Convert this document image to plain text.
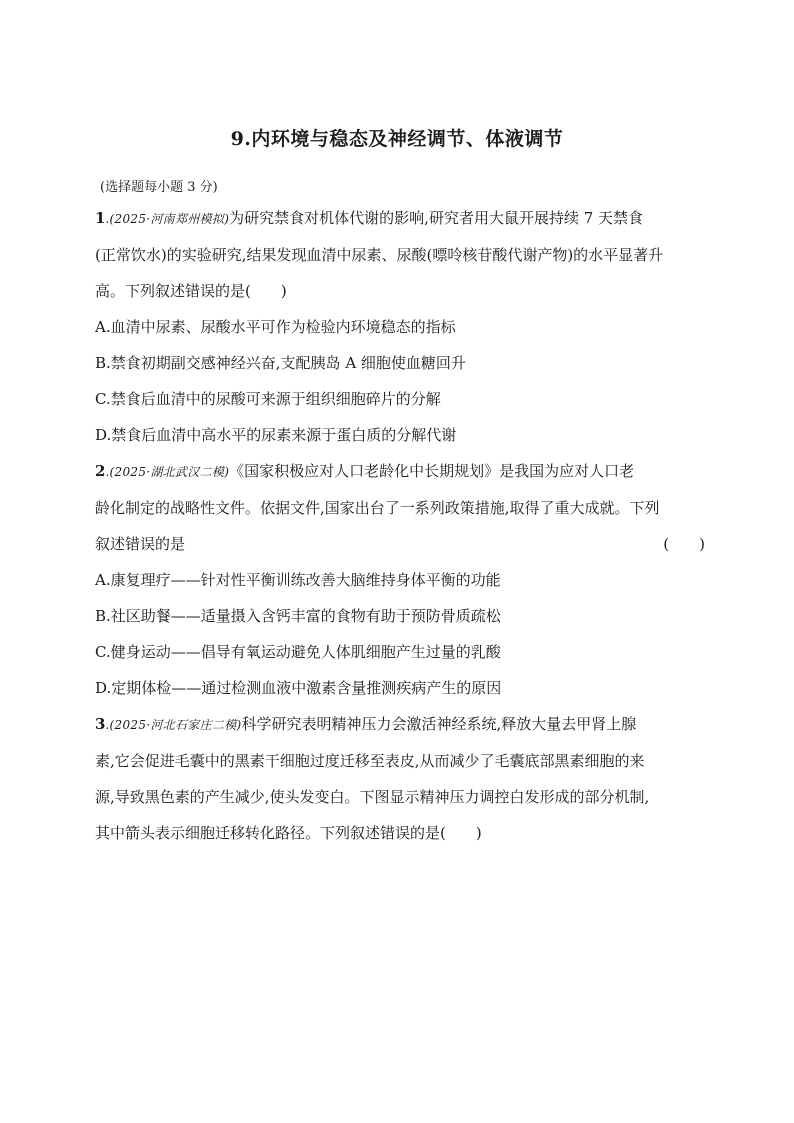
9.内环境与稳态及神经调节、体液调节
(选择题每小题 3 分)

1.(2025·河南郑州模拟)为研究禁食对机体代谢的影响,研究者用大鼠开展持续 7 天禁食

(正常饮水)的实验研究,结果发现血清中尿素、尿酸(嘌呤核苷酸代谢产物)的水平显著升

高。下列叙述错误的是(　　)

A.血清中尿素、尿酸水平可作为检验内环境稳态的指标

B.禁食初期副交感神经兴奋,支配胰岛 A 细胞使血糖回升

C.禁食后血清中的尿酸可来源于组织细胞碎片的分解

D.禁食后血清中高水平的尿素来源于蛋白质的分解代谢

2.(2025·湖北武汉二模)《国家积极应对人口老龄化中长期规划》是我国为应对人口老

龄化制定的战略性文件。依据文件,国家出台了一系列政策措施,取得了重大成就。下列

叙述错误的是	(　　)

A.康复理疗——针对性平衡训练改善大脑维持身体平衡的功能

B.社区助餐——适量摄入含钙丰富的食物有助于预防骨质疏松

C.健身运动——倡导有氧运动避免人体肌细胞产生过量的乳酸

D.定期体检——通过检测血液中激素含量推测疾病产生的原因

3.(2025·河北石家庄二模)科学研究表明精神压力会激活神经系统,释放大量去甲肾上腺

素,它会促进毛囊中的黑素干细胞过度迁移至表皮,从而减少了毛囊底部黑素细胞的来

源,导致黑色素的产生减少,使头发变白。下图显示精神压力调控白发形成的部分机制,

其中箭头表示细胞迁移转化路径。下列叙述错误的是(　　)
